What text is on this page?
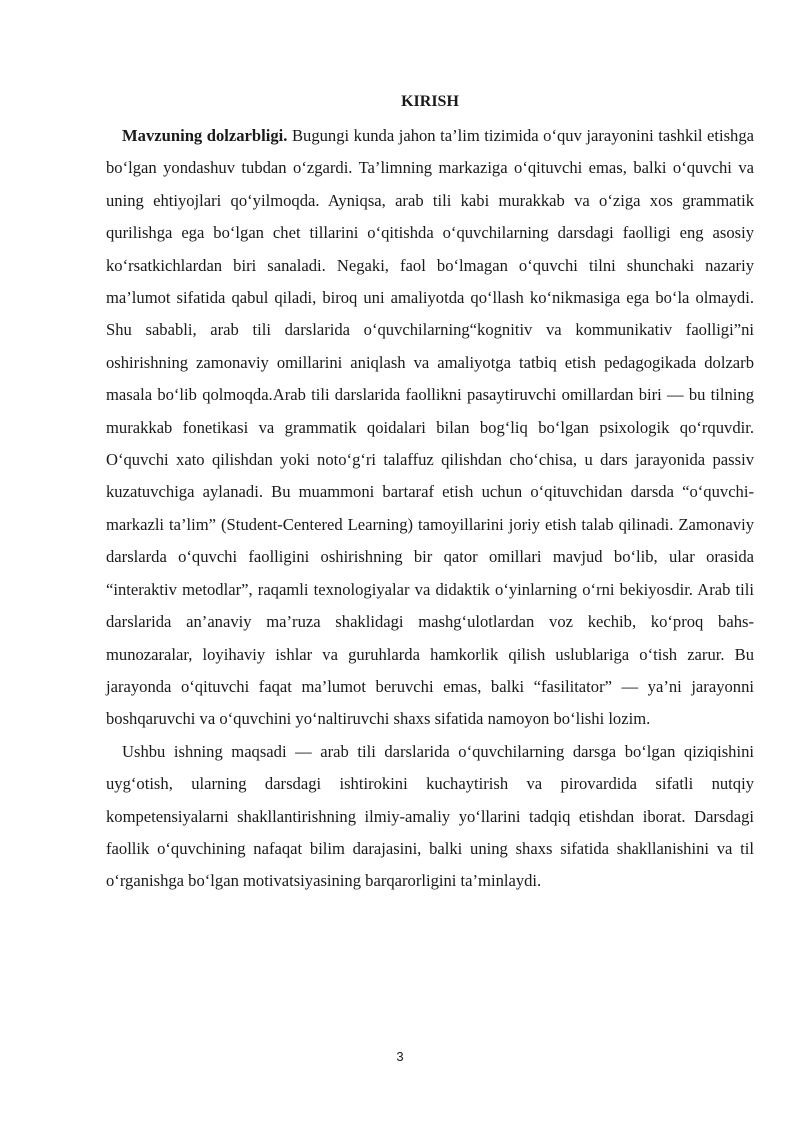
KIRISH

Mavzuning dolzarbligi. Bugungi kunda jahon ta’lim tizimida o‘quv jarayonini tashkil etishga bo‘lgan yondashuv tubdan o‘zgardi. Ta’limning markaziga o‘qituvchi emas, balki o‘quvchi va uning ehtiyojlari qo‘yilmoqda. Ayniqsa, arab tili kabi murakkab va o‘ziga xos grammatik qurilishga ega bo‘lgan chet tillarini o‘qitishda o‘quvchilarning darsdagi faolligi eng asosiy ko‘rsatkichlardan biri sanaladi. Negaki, faol bo‘lmagan o‘quvchi tilni shunchaki nazariy ma’lumot sifatida qabul qiladi, biroq uni amaliyotda qo‘llash ko‘nikmasiga ega bo‘la olmaydi. Shu sababli, arab tili darslarida o‘quvchilarning“kognitiv va kommunikativ faolligi”ni oshirishning zamonaviy omillarini aniqlash va amaliyotga tatbiq etish pedagogikada dolzarb masala bo‘lib qolmoqda.Arab tili darslarida faollikni pasaytiruvchi omillardan biri — bu tilning murakkab fonetikasi va grammatik qoidalari bilan bog‘liq bo‘lgan psixologik qo‘rquvdir. O‘quvchi xato qilishdan yoki noto‘g‘ri talaffuz qilishdan cho‘chisa, u dars jarayonida passiv kuzatuvchiga aylanadi. Bu muammoni bartaraf etish uchun o‘qituvchidan darsda “o‘quvchi-markazli ta’lim” (Student-Centered Learning) tamoyillarini joriy etish talab qilinadi. Zamonaviy darslarda o‘quvchi faolligini oshirishning bir qator omillari mavjud bo‘lib, ular orasida “interaktiv metodlar”, raqamli texnologiyalar va didaktik o‘yinlarning o‘rni bekiyosdir. Arab tili darslarida an’anaviy ma’ruza shaklidagi mashg‘ulotlardan voz kechib, ko‘proq bahs-munozaralar, loyihaviy ishlar va guruhlarda hamkorlik qilish uslublariga o‘tish zarur. Bu jarayonda o‘qituvchi faqat ma’lumot beruvchi emas, balki “fasilitator” — ya’ni jarayonni boshqaruvchi va o‘quvchini yo‘naltiruvchi shaxs sifatida namoyon bo‘lishi lozim.

Ushbu ishning maqsadi — arab tili darslarida o‘quvchilarning darsga bo‘lgan qiziqishini uyg‘otish, ularning darsdagi ishtirokini kuchaytirish va pirovardida sifatli nutqiy kompetensiyalarni shakllantirishning ilmiy-amaliy yo‘llarini tadqiq etishdan iborat. Darsdagi faollik o‘quvchining nafaqat bilim darajasini, balki uning shaxs sifatida shakllanishini va til o‘rganishga bo‘lgan motivatsiyasining barqarorligini ta’minlaydi.

3
